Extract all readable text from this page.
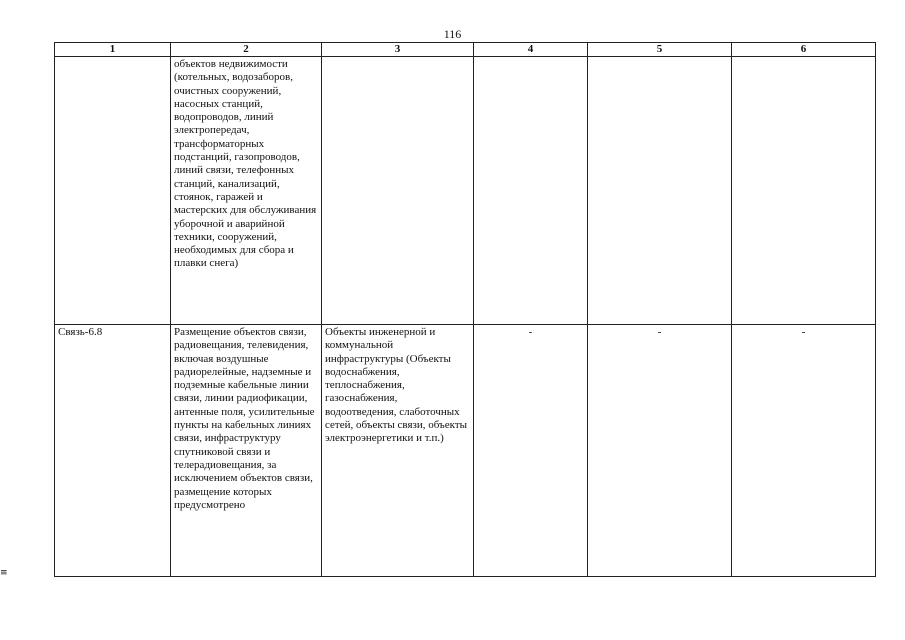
116
1	2	3	4	5	6
	объектов недвижимости (котельных, водозаборов, очистных сооружений, насосных станций, водопроводов, линий электропередач, трансформаторных подстанций, газопроводов, линий связи, телефонных станций, канализаций, стоянок, гаражей и мастерских для обслуживания уборочной и аварийной техники, сооружений, необходимых для сбора и плавки снега)				
Связь-6.8	Размещение объектов связи, радиовещания, телевидения, включая воздушные радиорелейные, надземные и подземные кабельные линии связи, линии радиофикации, антенные поля, усилительные пункты на кабельных линиях связи, инфраструктуру спутниковой связи и телерадиовещания, за исключением объектов связи, размещение которых предусмотрено	Объекты инженерной и коммунальной инфраструктуры (Объекты водоснабжения, теплоснабжения, газоснабжения, водоотведения, слаботочных сетей, объекты связи, объекты электроэнергетики и т.п.)	-	-	-
≡
